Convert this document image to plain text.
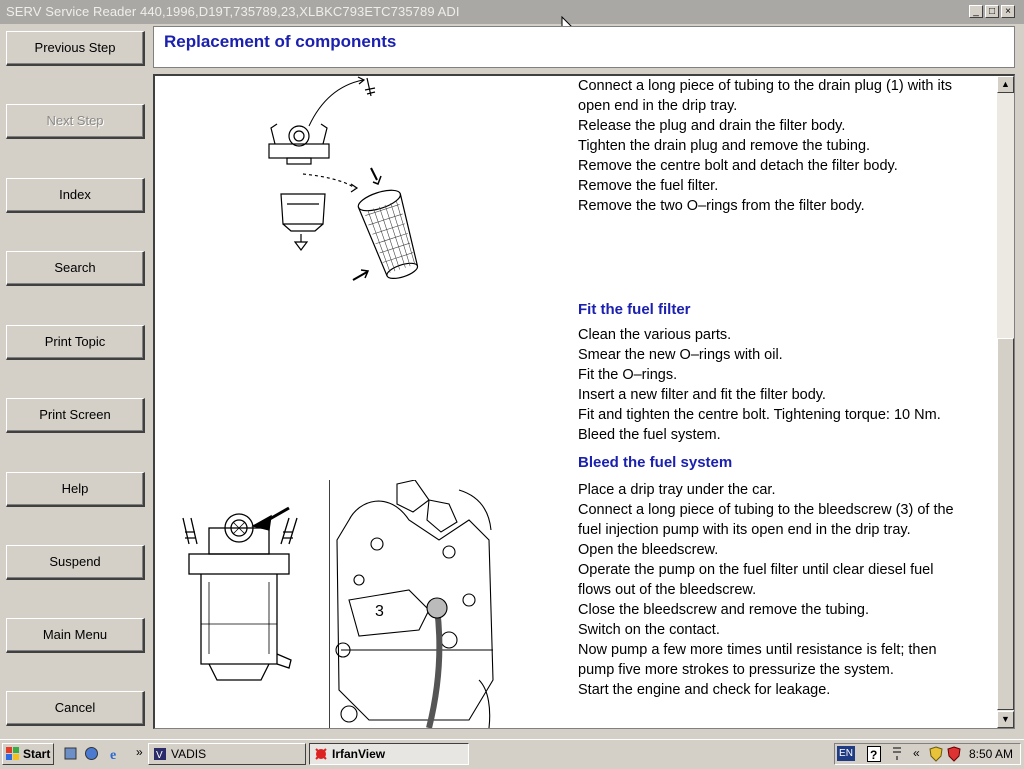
SERV Service Reader 440,1996,D19T,735789,23,XLBKC793ETC735789 ADI	_	□	×
Previous Step
Next Step
Index
Search
Print Topic
Print Screen
Help
Suspend
Main Menu
Cancel
Replacement of components
Connect a long piece of tubing to the drain plug (1) with its
open end in the drip tray.
Release the plug and drain the filter body.
Tighten the drain plug and remove the tubing.
Remove the centre bolt and detach the filter body.
Remove the fuel filter.
Remove the two O–rings from the filter body.
Fit the fuel filter
Clean the various parts.
Smear the new O–rings with oil.
Fit the O–rings.
Insert a new filter and fit the filter body.
Fit and tighten the centre bolt. Tightening torque: 10 Nm.
Bleed the fuel system.
Bleed the fuel system
Place a drip tray under the car.
Connect a long piece of tubing to the bleedscrew (3) of the
fuel injection pump with its open end in the drip tray.
Open the bleedscrew.
Operate the pump on the fuel filter until clear diesel fuel
flows out of the bleedscrew.
Close the bleedscrew and remove the tubing.
Switch on the contact.
Now pump a few more times until resistance is felt; then
pump five more strokes to pressurize the system.
Start the engine and check for leakage.
3
▲
▼
Start	e » V VADIS	IrfanView	EN ?	«	8:50 AM
